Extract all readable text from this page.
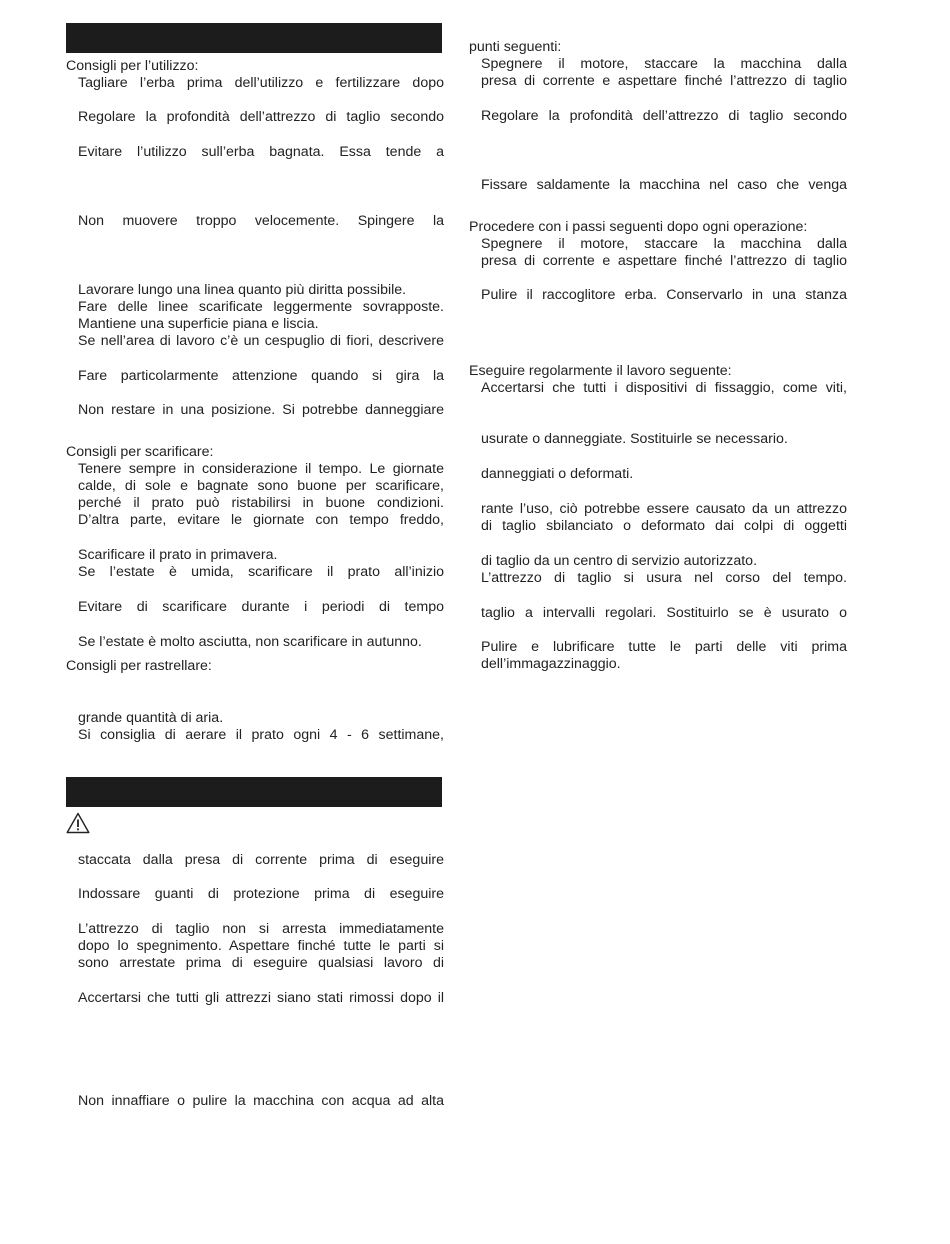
Consigli per l’utilizzo:

Tagliare l’erba prima dell’utilizzo e fertilizzare dopo

Regolare la profondità dell’attrezzo di taglio secondo

Evitare l’utilizzo sull’erba bagnata. Essa tende a

Non muovere troppo velocemente. Spingere la

Lavorare lungo una linea quanto più diritta possibile.

Fare delle linee scarificate leggermente sovrapposte.

Mantiene una superficie piana e liscia.

Se nell’area di lavoro c’è un cespuglio di fiori, descrivere

Fare particolarmente attenzione quando si gira la

Non restare in una posizione. Si potrebbe danneggiare

Consigli per scarificare:

Tenere sempre in considerazione il tempo. Le giornate

calde, di sole e bagnate sono buone per scarificare,

perché il prato può ristabilirsi in buone condizioni.

D’altra parte, evitare le giornate con tempo freddo,

Scarificare il prato in primavera.

Se l’estate è umida, scarificare il prato all’inizio

Evitare di scarificare durante i periodi di tempo

Se l’estate è molto asciutta, non scarificare in autunno.

Consigli per rastrellare:

grande quantità di aria.

Si consiglia di aerare il prato ogni 4 - 6 settimane,

staccata dalla presa di corrente prima di eseguire

Indossare guanti di protezione prima di eseguire

L’attrezzo di taglio non si arresta immediatamente

dopo lo spegnimento. Aspettare finché tutte le parti si

sono arrestate prima di eseguire qualsiasi lavoro di

Accertarsi che tutti gli attrezzi siano stati rimossi dopo il

Non innaffiare o pulire la macchina con acqua ad alta

punti seguenti:

Spegnere il motore, staccare la macchina dalla

presa di corrente e aspettare finché l’attrezzo di taglio

Regolare la profondità dell’attrezzo di taglio secondo

Fissare saldamente la macchina nel caso che venga

Procedere con i passi seguenti dopo ogni operazione:

Spegnere il motore, staccare la macchina dalla

presa di corrente e aspettare finché l’attrezzo di taglio

Pulire il raccoglitore erba. Conservarlo in una stanza

Eseguire regolarmente il lavoro seguente:

Accertarsi che tutti i dispositivi di fissaggio, come viti,

usurate o danneggiate. Sostituirle se necessario.

danneggiati o deformati.

rante l’uso, ciò potrebbe essere causato da un attrezzo

di taglio sbilanciato o deformato dai colpi di oggetti

di taglio da un centro di servizio autorizzato.

L’attrezzo di taglio si usura nel corso del tempo.

taglio a intervalli regolari. Sostituirlo se è usurato o

Pulire e lubrificare tutte le parti delle viti prima

dell’immagazzinaggio.
